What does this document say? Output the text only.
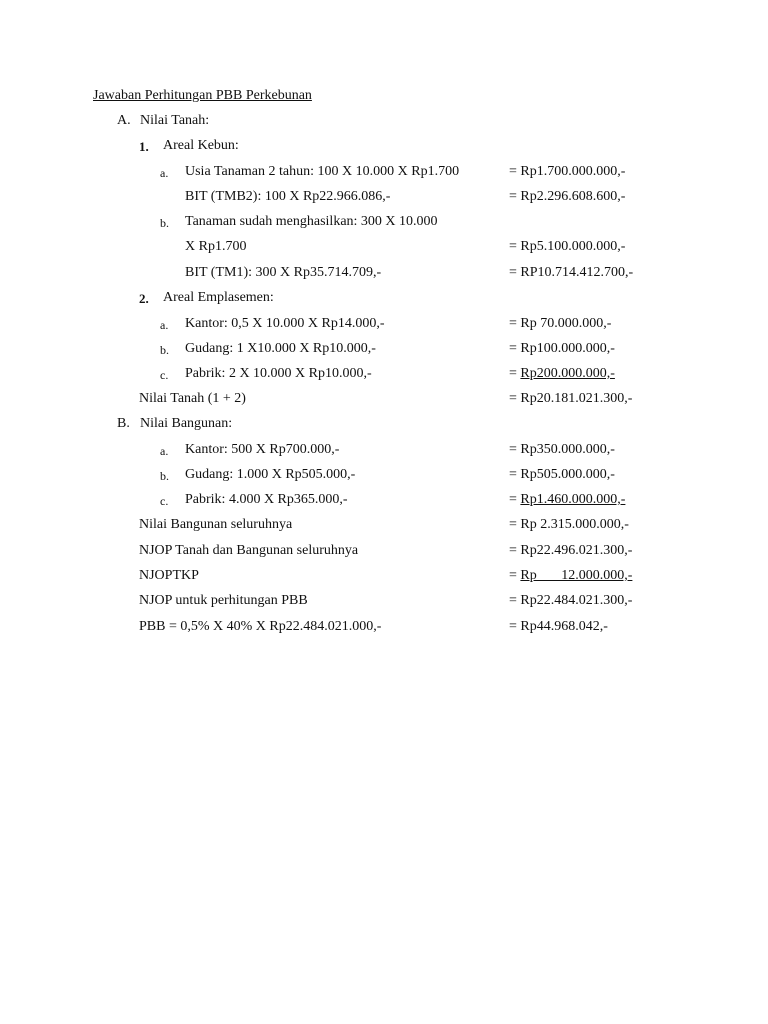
Jawaban Perhitungan PBB Perkebunan
A. Nilai Tanah:
1. Areal Kebun:
a. Usia Tanaman 2 tahun: 100 X 10.000 X Rp1.700	= Rp1.700.000.000,-
BIT (TMB2): 100 X Rp22.966.086,-	= Rp2.296.608.600,-
b. Tanaman sudah menghasilkan: 300 X 10.000
X Rp1.700	= Rp5.100.000.000,-
BIT (TM1): 300 X Rp35.714.709,-	= RP10.714.412.700,-
2. Areal Emplasemen:
a. Kantor: 0,5 X 10.000 X Rp14.000,-	= Rp 70.000.000,-
b. Gudang: 1 X10.000 X Rp10.000,-	= Rp100.000.000,-
c. Pabrik: 2 X 10.000 X Rp10.000,-	= Rp200.000.000,-
Nilai Tanah (1 + 2)	= Rp20.181.021.300,-
B. Nilai Bangunan:
a. Kantor: 500 X Rp700.000,-	= Rp350.000.000,-
b. Gudang: 1.000 X Rp505.000,-	= Rp505.000.000,-
c. Pabrik: 4.000 X Rp365.000,-	= Rp1.460.000.000,-
Nilai Bangunan seluruhnya	= Rp 2.315.000.000,-
NJOP Tanah dan Bangunan seluruhnya	= Rp22.496.021.300,-
NJOPTKP	= Rp       12.000.000,-
NJOP untuk perhitungan PBB	= Rp22.484.021.300,-
PBB = 0,5% X 40% X Rp22.484.021.000,-	= Rp44.968.042,-
